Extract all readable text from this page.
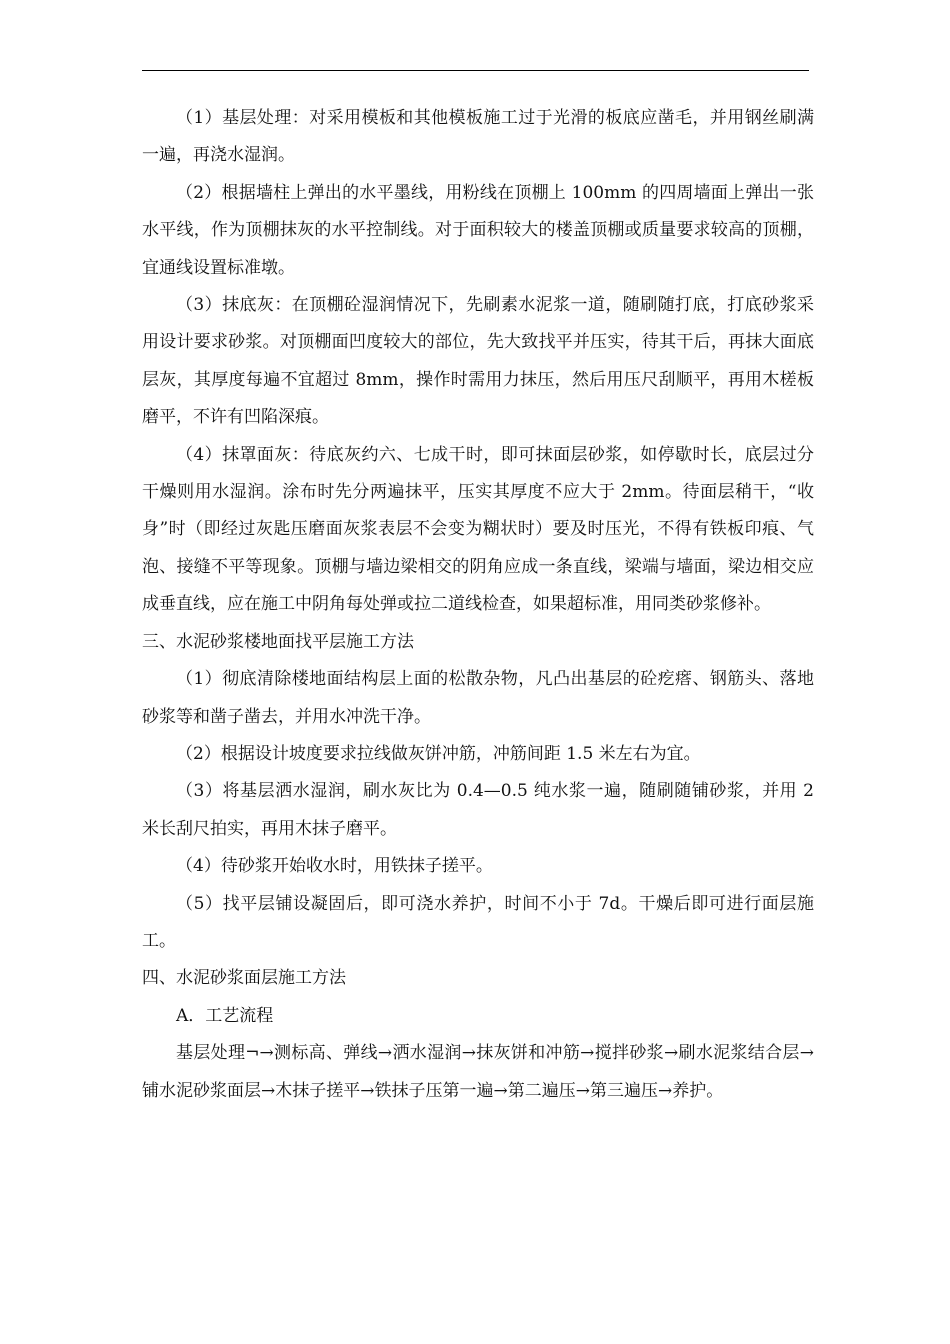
（1）基层处理：对采用模板和其他模板施工过于光滑的板底应凿毛，并用钢丝刷满一遍，再浇水湿润。

（2）根据墙柱上弹出的水平墨线，用粉线在顶棚上 100mm 的四周墙面上弹出一张水平线，作为顶棚抹灰的水平控制线。对于面积较大的楼盖顶棚或质量要求较高的顶棚，宜通线设置标准墩。

（3）抹底灰：在顶棚砼湿润情况下，先刷素水泥浆一道，随刷随打底，打底砂浆采用设计要求砂浆。对顶棚面凹度较大的部位，先大致找平并压实，待其干后，再抹大面底层灰，其厚度每遍不宜超过 8mm，操作时需用力抹压，然后用压尺刮顺平，再用木槎板磨平，不许有凹陷深痕。

（4）抹罩面灰：待底灰约六、七成干时，即可抹面层砂浆，如停歇时长，底层过分干燥则用水湿润。涂布时先分两遍抹平，压实其厚度不应大于 2mm。待面层稍干，“收身”时（即经过灰匙压磨面灰浆表层不会变为糊状时）要及时压光，不得有铁板印痕、气泡、接缝不平等现象。顶棚与墙边梁相交的阴角应成一条直线，梁端与墙面，梁边相交应成垂直线，应在施工中阴角每处弹或拉二道线检查，如果超标准，用同类砂浆修补。

三、水泥砂浆楼地面找平层施工方法

（1）彻底清除楼地面结构层上面的松散杂物，凡凸出基层的砼疙瘩、钢筋头、落地砂浆等和凿子凿去，并用水冲洗干净。

（2）根据设计坡度要求拉线做灰饼冲筋，冲筋间距 1.5 米左右为宜。

（3）将基层洒水湿润，刷水灰比为 0.4—0.5 纯水浆一遍，随刷随铺砂浆，并用 2 米长刮尺拍实，再用木抹子磨平。

（4）待砂浆开始收水时，用铁抹子搓平。

（5）找平层铺设凝固后，即可浇水养护，时间不小于 7d。干燥后即可进行面层施工。

四、水泥砂浆面层施工方法

A．工艺流程

基层处理¬→测标高、弹线→洒水湿润→抹灰饼和冲筋→搅拌砂浆→刷水泥浆结合层→铺水泥砂浆面层→木抹子搓平→铁抹子压第一遍→第二遍压→第三遍压→养护。
